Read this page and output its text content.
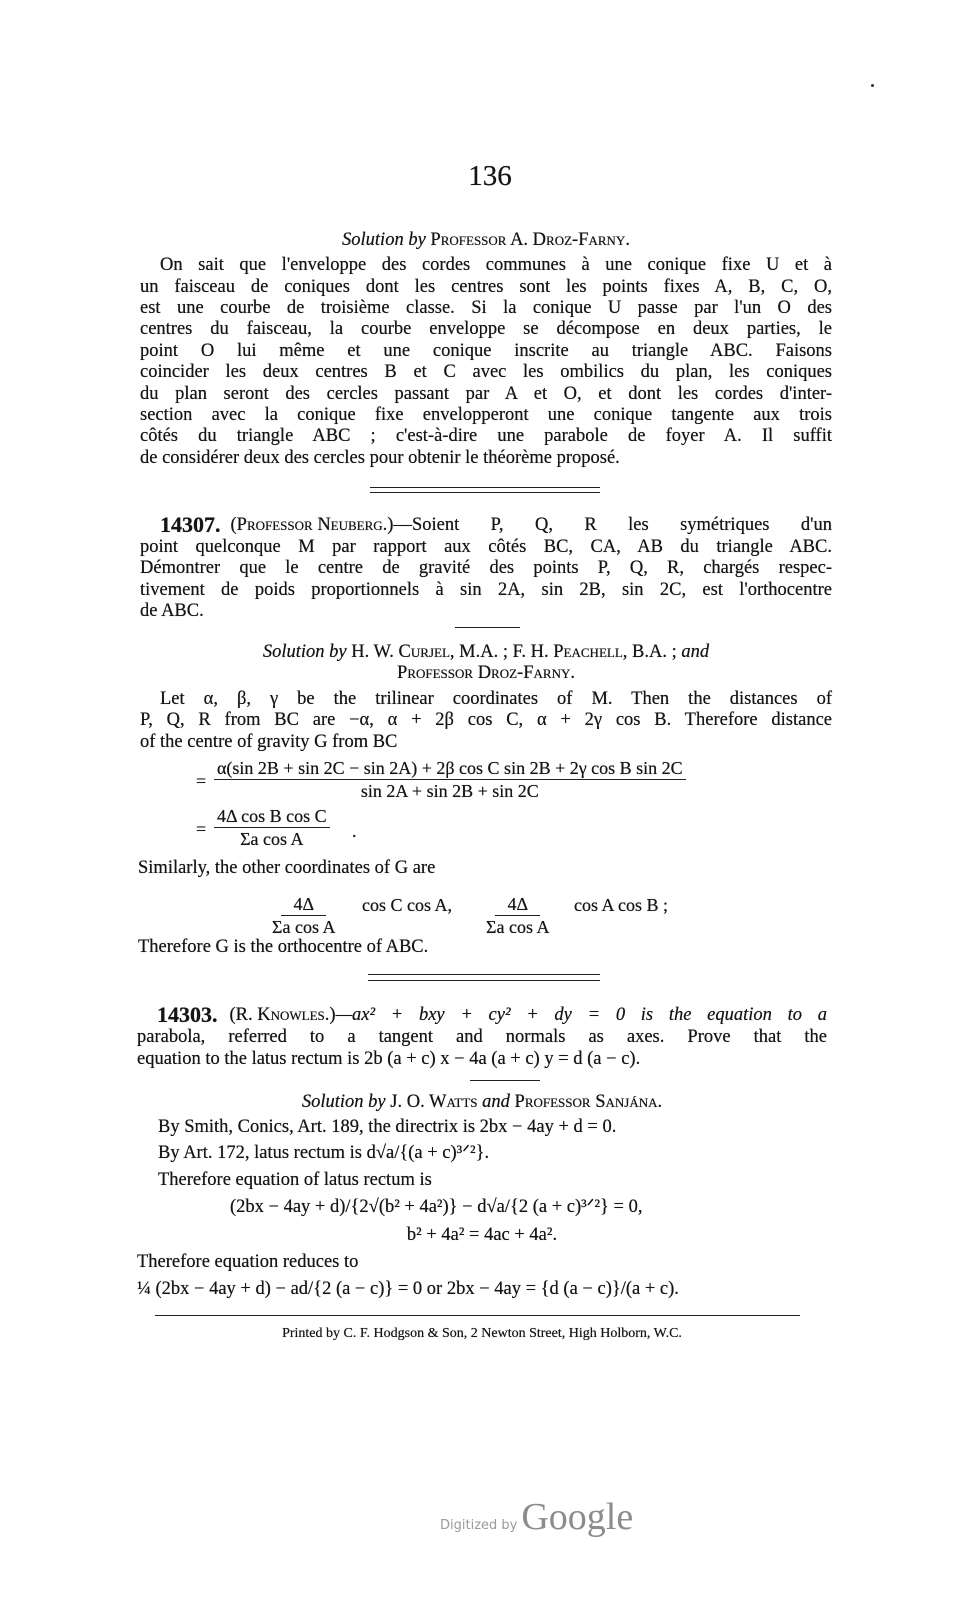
136
Solution by Professor A. Droz-Farny.
On sait que l'enveloppe des cordes communes à une conique fixe U et à
un faisceau de coniques dont les centres sont les points fixes A, B, C, O,
est une courbe de troisième classe. Si la conique U passe par l'un O des
centres du faisceau, la courbe enveloppe se décompose en deux parties, le
point O lui même et une conique inscrite au triangle ABC. Faisons
coincider les deux centres B et C avec les ombilics du plan, les coniques
du plan seront des cercles passant par A et O, et dont les cordes d'inter-
section avec la conique fixe envelopperont une conique tangente aux trois
côtés du triangle ABC ; c'est-à-dire une parabole de foyer A. Il suffit
de considérer deux des cercles pour obtenir le théorème proposé.
14307. (Professor Neuberg.) —Soient P, Q, R les symétriques d'un
point quelconque M par rapport aux côtés BC, CA, AB du triangle ABC.
Démontrer que le centre de gravité des points P, Q, R, chargés respec-
tivement de poids proportionnels à sin 2A, sin 2B, sin 2C, est l'orthocentre
de ABC.
Solution by H. W. Curjel, M.A. ; F. H. Peachell, B.A. ; and
Professor Droz-Farny.
Let α, β, γ be the trilinear coordinates of M. Then the distances of
P, Q, R from BC are −α, α + 2β cos C, α + 2γ cos B. Therefore distance
of the centre of gravity G from BC
=
α(sin 2B + sin 2C − sin 2A) + 2β cos C sin 2B + 2γ cos B sin 2C
sin 2A + sin 2B + sin 2C
= $\frac{\text{4Δ cos B cos C}}{\text{Σa cos A}}$ .
Similarly, the other coordinates of G are
$\frac{4\Delta}{\text{Σa cos A}}$ cos C cos A, $\frac{4\Delta}{\text{Σa cos A}}$ cos A cos B ;
Therefore G is the orthocentre of ABC.
14303. (R. Knowles.) —ax² + bxy + cy² + dy = 0 is the equation to a
parabola, referred to a tangent and normals as axes. Prove that the
equation to the latus rectum is 2b (a + c) x − 4a (a + c) y = d (a − c).
Solution by J. O. Watts and Professor Sanjána.
By Smith, Conics, Art. 189, the directrix is 2bx − 4ay + d = 0.
By Art. 172, latus rectum is d√a/{(a + c)³ᐟ²}.
Therefore equation of latus rectum is
(2bx − 4ay + d)/{2√(b² + 4a²)} − d√a/{2 (a + c)³ᐟ²} = 0,
b² + 4a² = 4ac + 4a².
Therefore equation reduces to
¼ (2bx − 4ay + d) − ad/{2 (a − c)} = 0 or 2bx − 4ay = {d (a − c)}/(a + c).
Printed by C. F. Hodgson & Son, 2 Newton Street, High Holborn, W.C.
Digitized by Google
